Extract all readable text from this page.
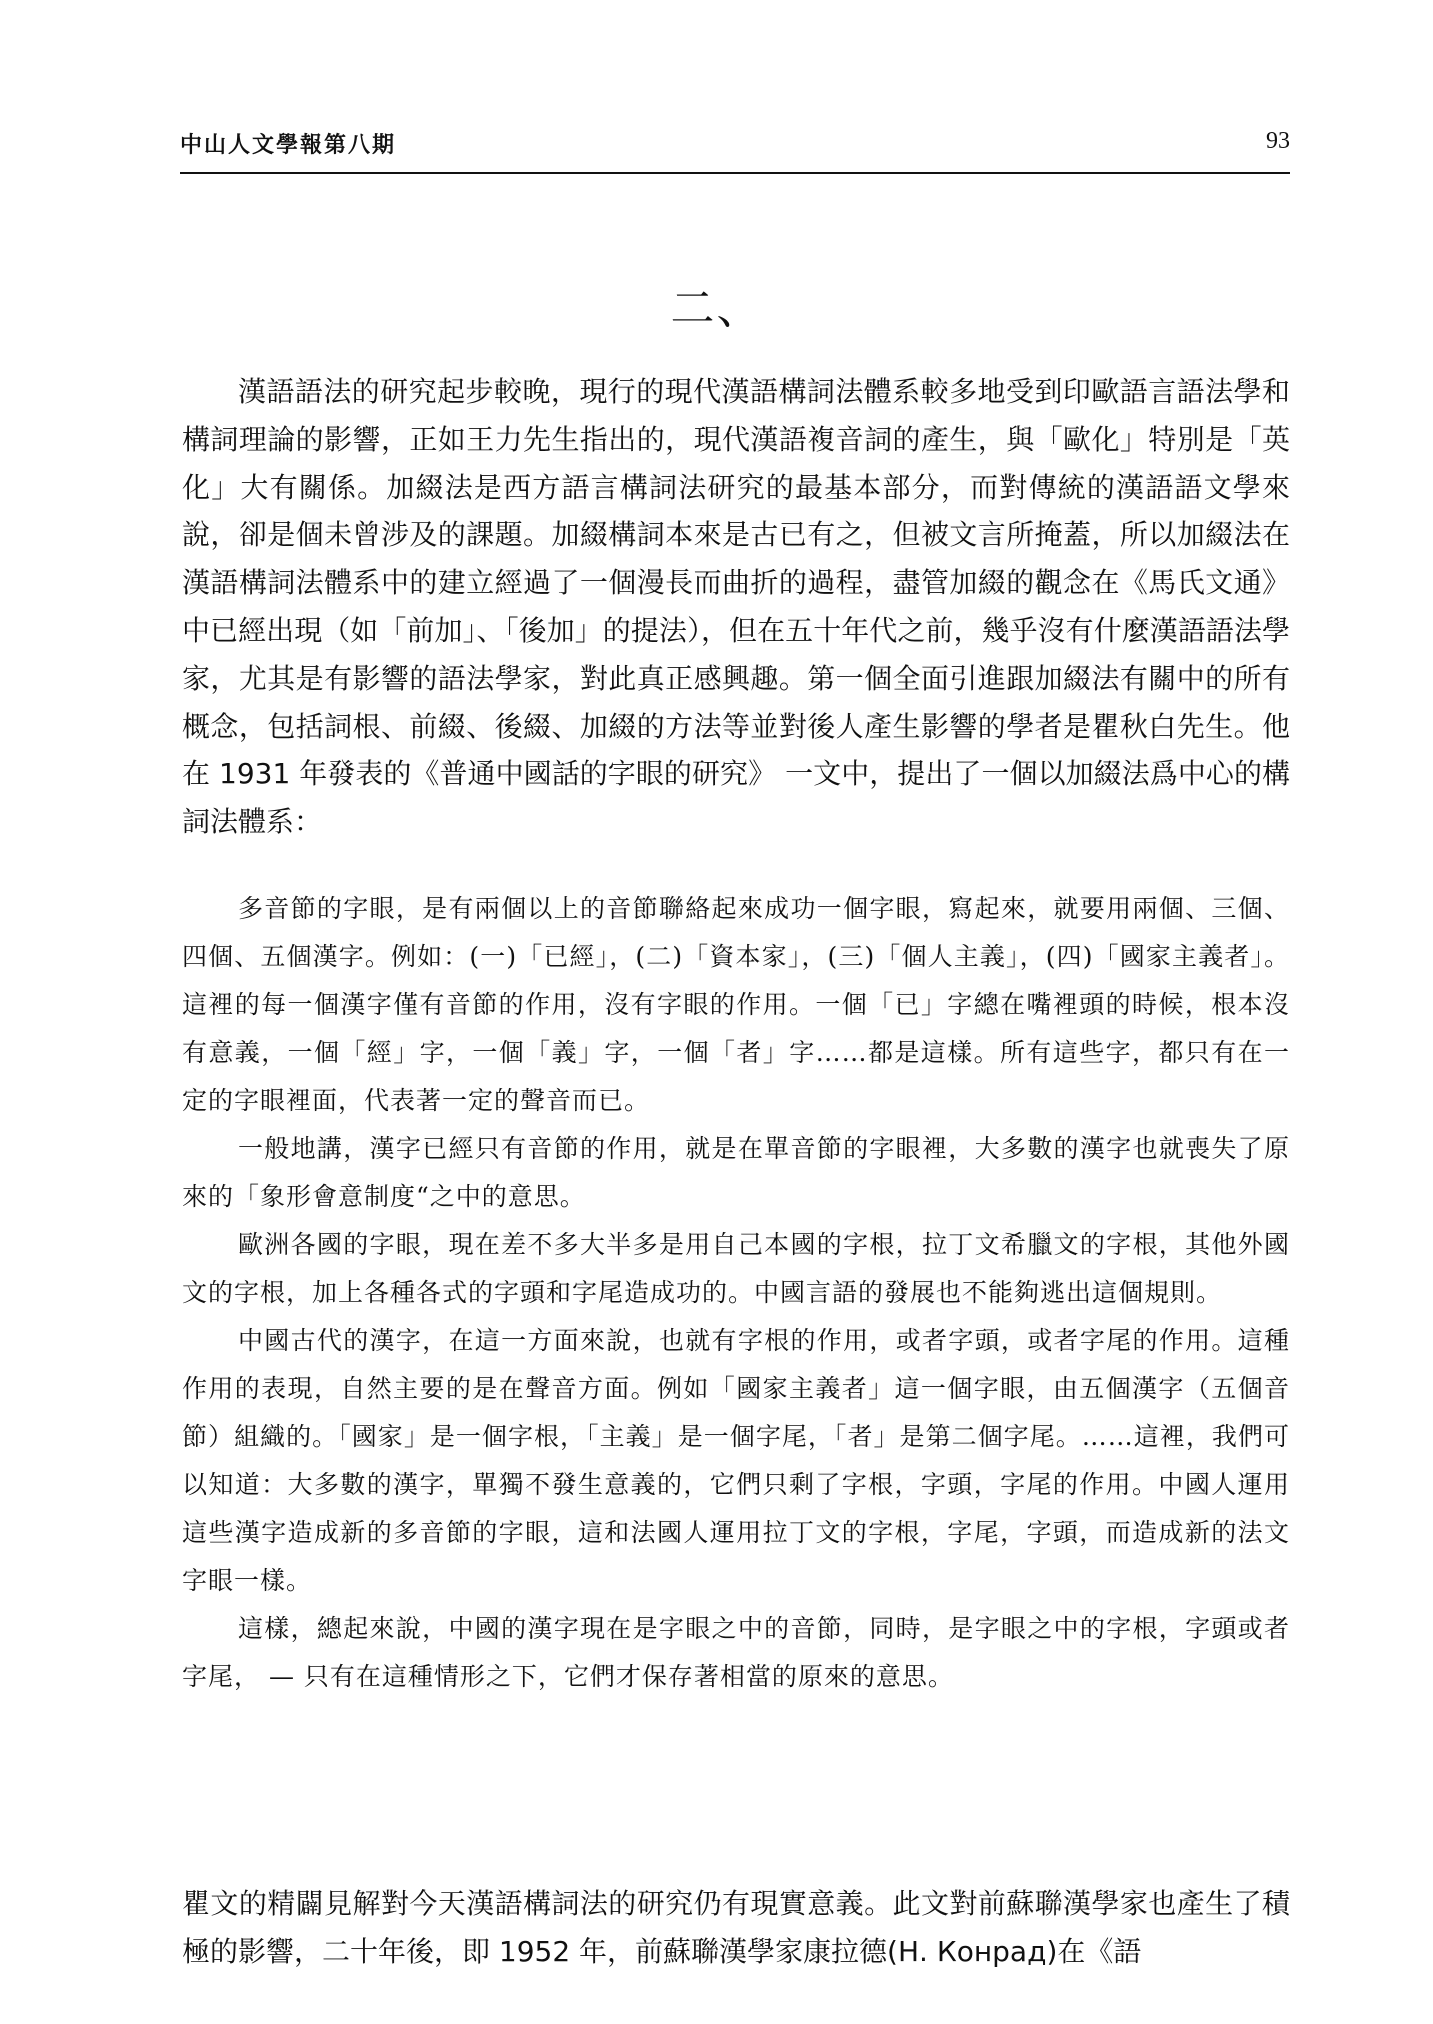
中山人文學報第八期	93
二、

漢語語法的研究起步較晚，現行的現代漢語構詞法體系較多地受到印歐語言語法學和構詞理論的影響，正如王力先生指出的，現代漢語複音詞的產生，與「歐化」特別是「英化」大有關係。加綴法是西方語言構詞法研究的最基本部分，而對傳統的漢語語文學來說，卻是個未曾涉及的課題。加綴構詞本來是古已有之，但被文言所掩蓋，所以加綴法在漢語構詞法體系中的建立經過了一個漫長而曲折的過程，盡管加綴的觀念在《馬氏文通》中已經出現（如「前加」、「後加」的提法），但在五十年代之前，幾乎沒有什麼漢語語法學家，尤其是有影響的語法學家，對此真正感興趣。第一個全面引進跟加綴法有關中的所有概念，包括詞根、前綴、後綴、加綴的方法等並對後人產生影響的學者是瞿秋白先生。他在 1931 年發表的《普通中國話的字眼的研究》 一文中，提出了一個以加綴法爲中心的構詞法體系：

多音節的字眼，是有兩個以上的音節聯絡起來成功一個字眼，寫起來，就要用兩個、三個、四個、五個漢字。例如：(一)「已經」，(二)「資本家」，(三)「個人主義」，(四)「國家主義者」。這裡的每一個漢字僅有音節的作用，沒有字眼的作用。一個「已」字總在嘴裡頭的時候，根本沒有意義，一個「經」字，一個「義」字，一個「者」字……都是這樣。所有這些字，都只有在一定的字眼裡面，代表著一定的聲音而已。

一般地講，漢字已經只有音節的作用，就是在單音節的字眼裡，大多數的漢字也就喪失了原來的「象形會意制度“之中的意思。

歐洲各國的字眼，現在差不多大半多是用自己本國的字根，拉丁文希臘文的字根，其他外國文的字根，加上各種各式的字頭和字尾造成功的。中國言語的發展也不能夠逃出這個規則。

中國古代的漢字，在這一方面來說，也就有字根的作用，或者字頭，或者字尾的作用。這種作用的表現，自然主要的是在聲音方面。例如「國家主義者」這一個字眼，由五個漢字（五個音節）組織的。「國家」是一個字根，「主義」是一個字尾，「者」是第二個字尾。……這裡，我們可以知道：大多數的漢字，單獨不發生意義的，它們只剩了字根，字頭，字尾的作用。中國人運用這些漢字造成新的多音節的字眼，這和法國人運用拉丁文的字根，字尾，字頭，而造成新的法文字眼一樣。

這樣，總起來說，中國的漢字現在是字眼之中的音節，同時，是字眼之中的字根，字頭或者字尾， — 只有在這種情形之下，它們才保存著相當的原來的意思。

瞿文的精闢見解對今天漢語構詞法的研究仍有現實意義。此文對前蘇聯漢學家也產生了積極的影響，二十年後，即 1952 年，前蘇聯漢學家康拉德(Н. Конрад)在《語
